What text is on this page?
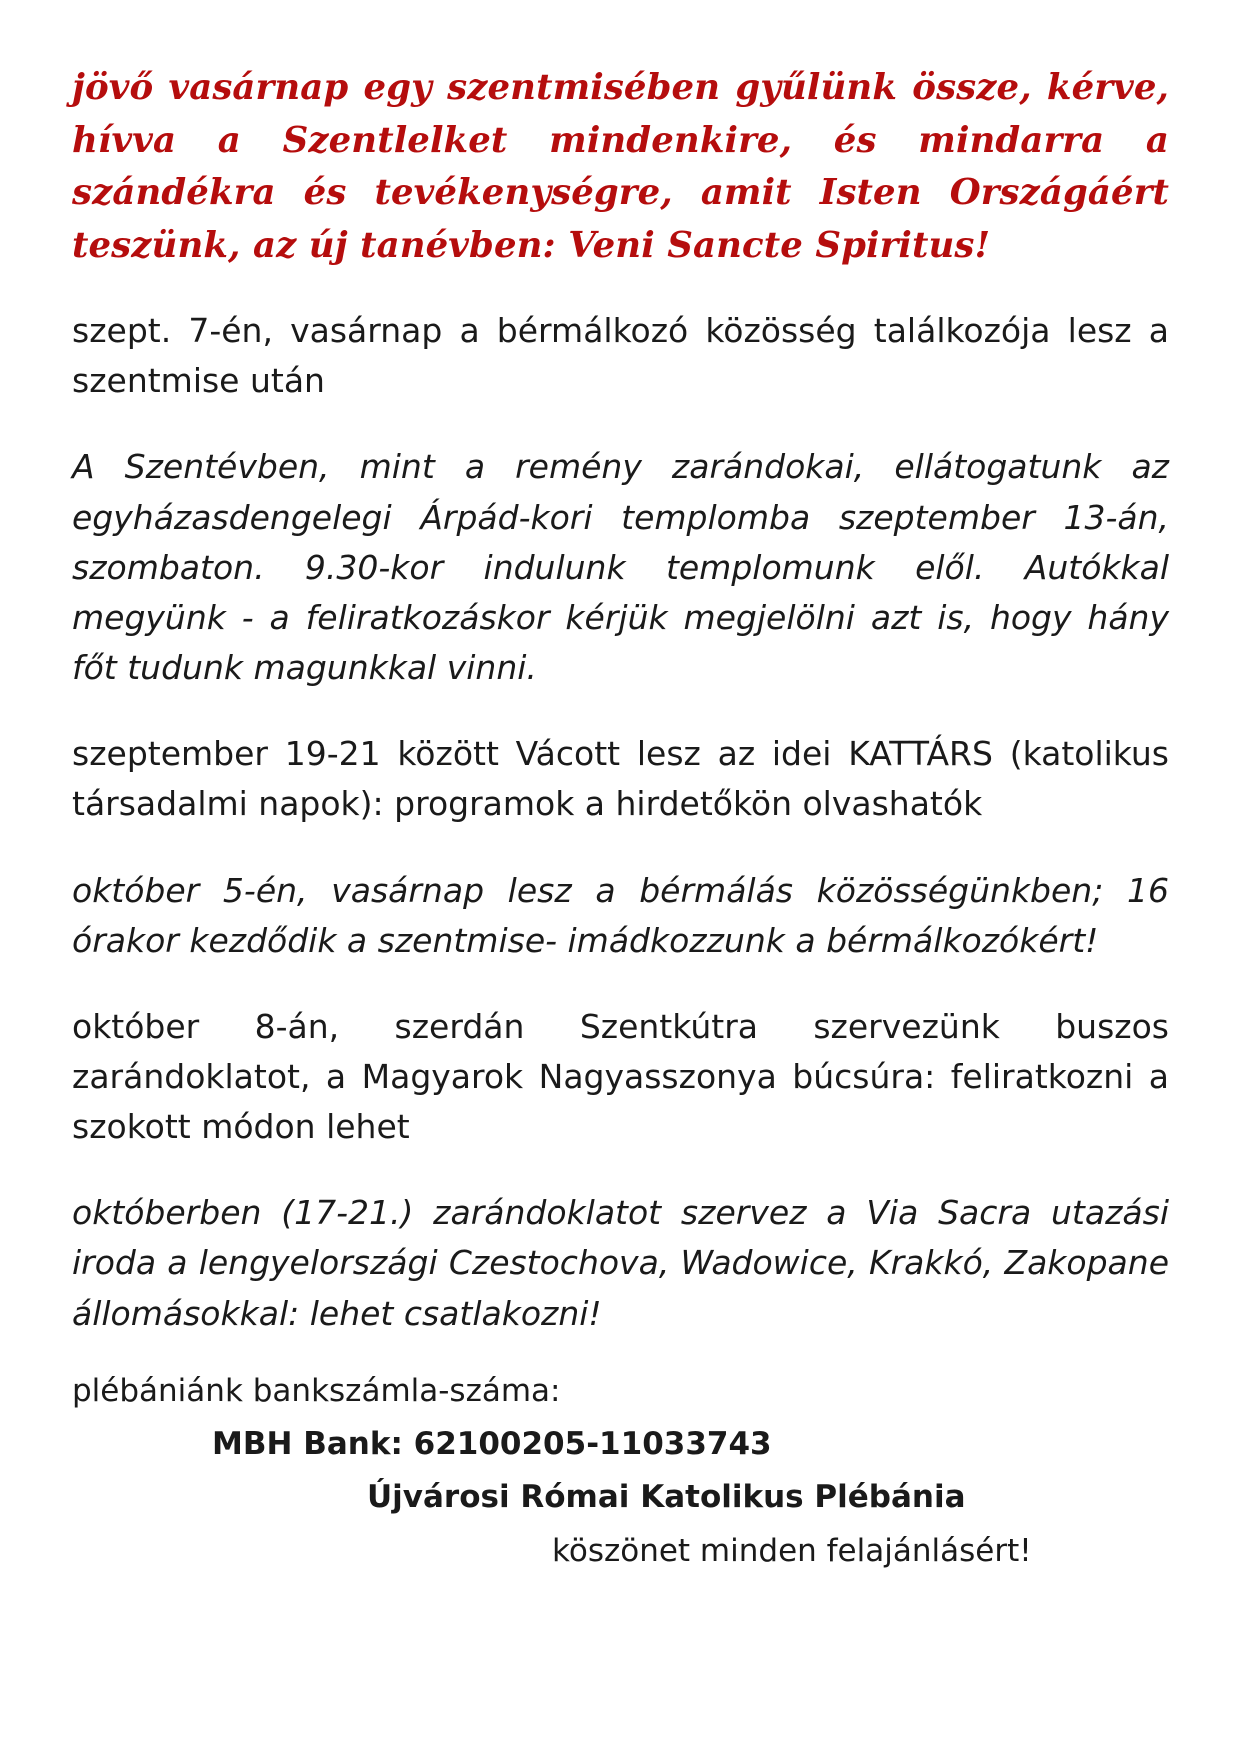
jövő vasárnap egy szentmisében gyűlünk össze, kérve, hívva a Szentlelket mindenkire, és mindarra a szándékra és tevékenységre, amit Isten Országáért teszünk, az új tanévben: Veni Sancte Spiritus!

szept. 7-én, vasárnap a bérmálkozó közösség találkozója lesz a szentmise után

A Szentévben, mint a remény zarándokai, ellátogatunk az egyházasdengelegi Árpád-kori templomba szeptember 13-án, szombaton. 9.30-kor indulunk templomunk elől. Autókkal megyünk - a feliratkozáskor kérjük megjelölni azt is, hogy hány főt tudunk magunkkal vinni.

szeptember 19-21 között Vácott lesz az idei KATTÁRS (katolikus társadalmi napok): programok a hirdetőkön olvashatók

október 5-én, vasárnap lesz a bérmálás közösségünkben; 16 órakor kezdődik a szentmise- imádkozzunk a bérmálkozókért!

október 8-án, szerdán Szentkútra szervezünk buszos zarándoklatot, a Magyarok Nagyasszonya búcsúra: feliratkozni a szokott módon lehet

októberben (17-21.) zarándoklatot szervez a Via Sacra utazási iroda a lengyelországi Czestochova, Wadowice, Krakkó, Zakopane állomásokkal: lehet csatlakozni!

plébániánk bankszámla-száma:

MBH Bank: 62100205-11033743

Újvárosi Római Katolikus Plébánia

köszönet minden felajánlásért!
